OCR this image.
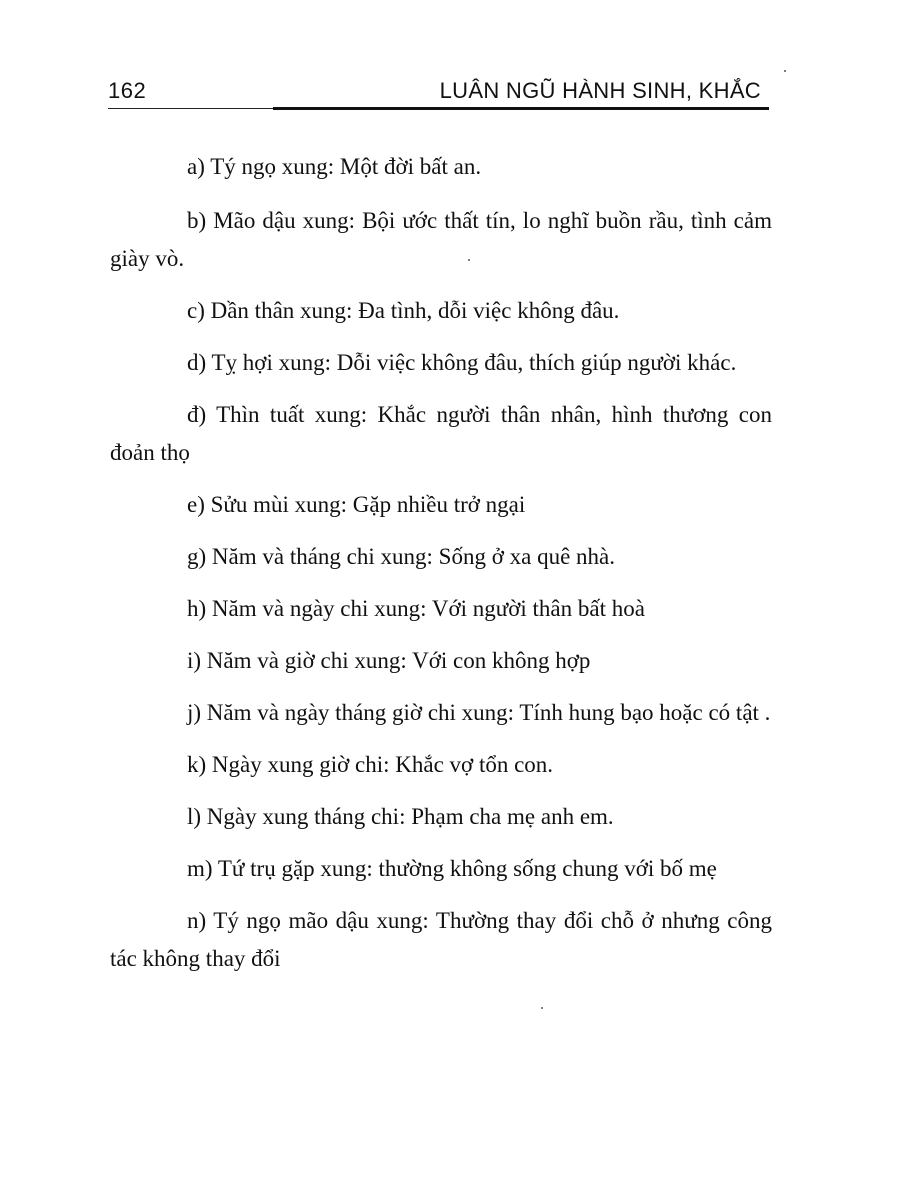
162	LUÂN NGŨ HÀNH SINH, KHẮC

a) Tý ngọ xung: Một đời bất an.

b) Mão dậu xung: Bội ước thất tín, lo nghĩ buồn rầu, tình cảm giày vò.

c) Dần thân xung: Đa tình, dỗi việc không đâu.

d) Tỵ hợi xung: Dỗi việc không đâu, thích giúp người khác.

đ) Thìn tuất xung: Khắc người thân nhân, hình thương con đoản thọ

e) Sửu mùi xung: Gặp nhiều trở ngại

g) Năm và tháng chi xung: Sống ở xa quê nhà.

h) Năm và ngày chi xung: Với người thân bất hoà

i) Năm và giờ chi xung: Với con không hợp

j) Năm và ngày tháng giờ chi xung: Tính hung bạo hoặc có tật .

k) Ngày xung giờ chi: Khắc vợ tổn con.

l) Ngày xung tháng chi: Phạm cha mẹ anh em.

m) Tứ trụ gặp xung: thường không sống chung với bố mẹ

n) Tý ngọ mão dậu xung: Thường thay đổi chỗ ở nhưng công tác không thay đổi
